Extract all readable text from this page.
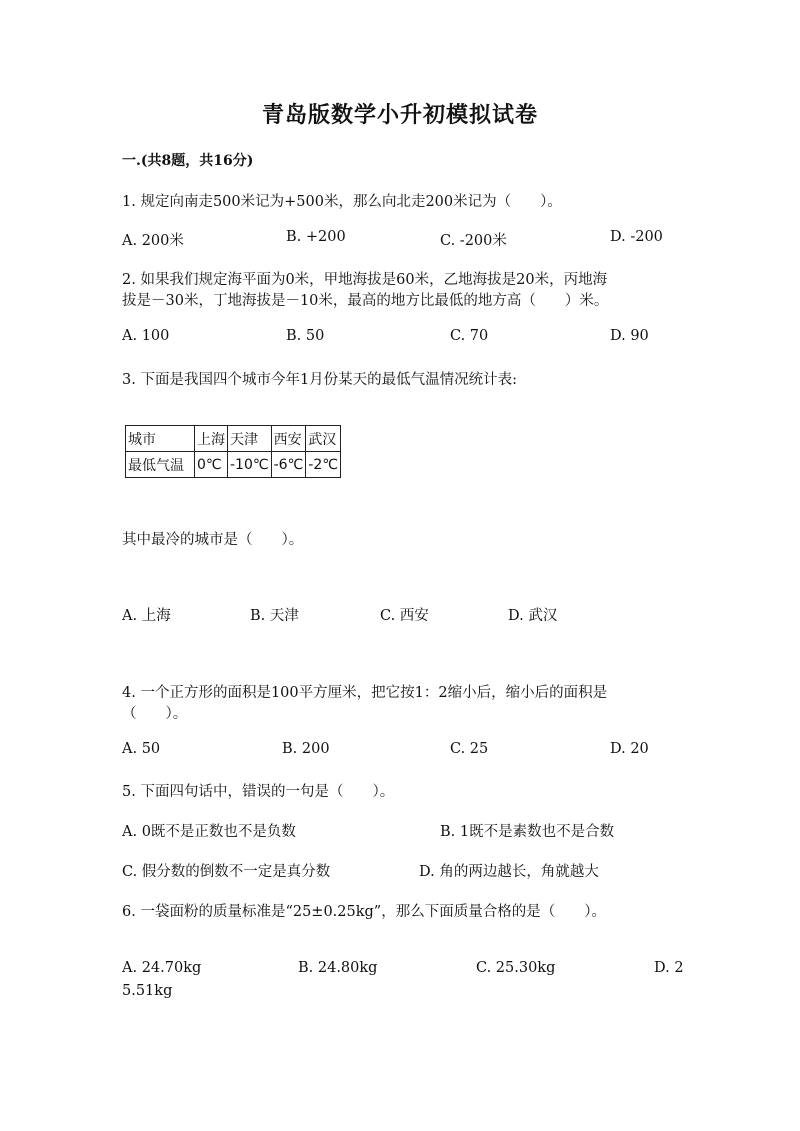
青岛版数学小升初模拟试卷
一.(共8题，共16分)
1. 规定向南走500米记为+500米，那么向北走200米记为（　　）。
A. 200米	B. +200	C. -200米	D. -200
2. 如果我们规定海平面为0米，甲地海拔是60米，乙地海拔是20米，丙地海
拔是－30米，丁地海拔是－10米，最高的地方比最低的地方高（　　）米。
A. 100	B. 50	C. 70	D. 90
3. 下面是我国四个城市今年1月份某天的最低气温情况统计表:
城市	上海	天津	西安	武汉
最低气温	0℃	-10℃	-6℃	-2℃
其中最冷的城市是（　　）。
A. 上海	B. 天津	C. 西安	D. 武汉
4. 一个正方形的面积是100平方厘米，把它按1：2缩小后，缩小后的面积是
（　　）。
A. 50	B. 200	C. 25	D. 20
5. 下面四句话中，错误的一句是（　　）。
A. 0既不是正数也不是负数	B. 1既不是素数也不是合数
C. 假分数的倒数不一定是真分数	D. 角的两边越长，角就越大
6. 一袋面粉的质量标准是“25±0.25kg”，那么下面质量合格的是（　　）。
A. 24.70kg	B. 24.80kg	C. 25.30kg	D. 2
5.51kg
